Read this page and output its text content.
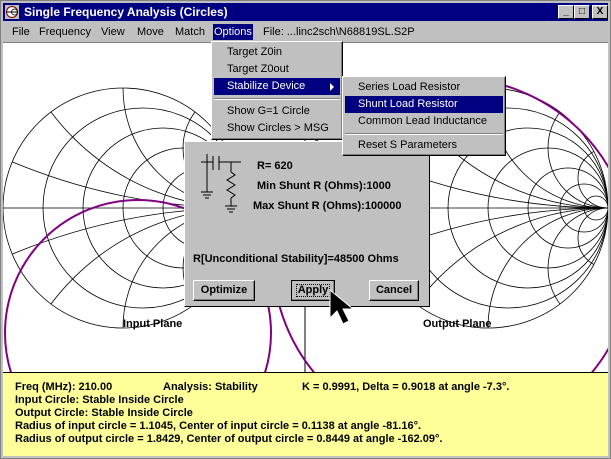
Single Frequency Analysis (Circles)	_	□	X
File Frequency View Move Match Options File: ...linc2sch\N68819SL.S2P
Input Plane	Output Plane
Freq (MHz): 210.00	Analysis: Stability	K = 0.9991, Delta = 0.9018 at angle -7.3°.
Input Circle: Stable Inside Circle
Output Circle: Stable Inside Circle
Radius of input circle = 1.1045, Center of input circle = 0.1138 at angle -81.16°.
Radius of output circle = 1.8429, Center of output circle = 0.8449 at angle -162.09°.
R= 620
Min Shunt R (Ohms):1000
Max Shunt R (Ohms):100000
R[Unconditional Stability]=48500 Ohms
Optimize	Apply	Cancel
Target Z0in
Target Z0out
Stabilize Device
Show G=1 Circle
Show Circles > MSG
Series Load Resistor
Shunt Load Resistor
Common Lead Inductance
Reset S Parameters
